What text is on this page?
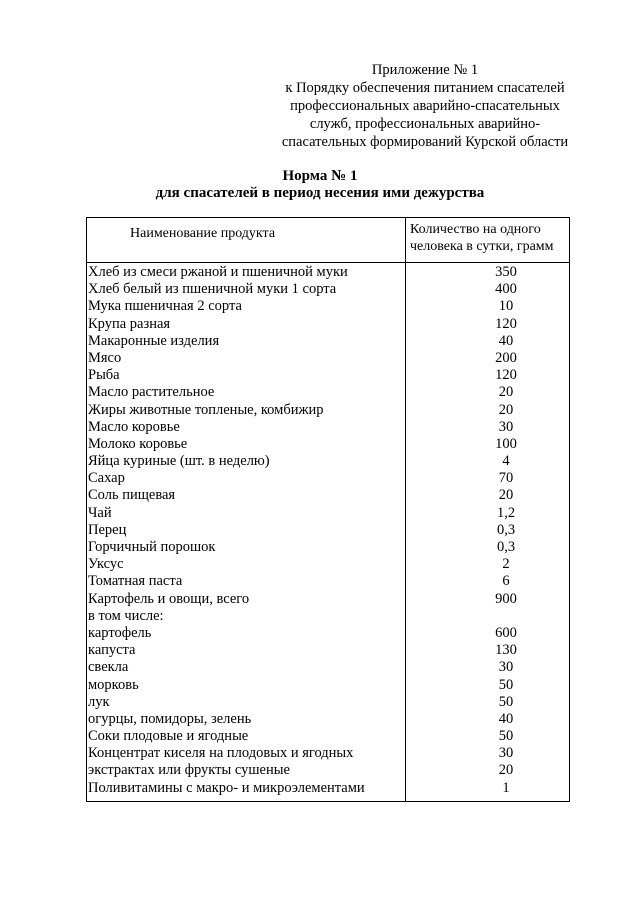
Приложение № 1
к Порядку обеспечения питанием спасателей
профессиональных аварийно-спасательных
служб, профессиональных аварийно-
спасательных формирований Курской области
Норма № 1
для спасателей в период несения ими дежурства
Наименование продукта	Количество на одного
человека в сутки, грамм
Хлеб из смеси ржаной и пшеничной муки	350
Хлеб белый из пшеничной муки 1 сорта	400
Мука пшеничная 2 сорта	10
Крупа разная	120
Макаронные изделия	40
Мясо	200
Рыба	120
Масло растительное	20
Жиры животные топленые, комбижир	20
Масло коровье	30
Молоко коровье	100
Яйца куриные (шт. в неделю)	4
Сахар	70
Соль пищевая	20
Чай	1,2
Перец	0,3
Горчичный порошок	0,3
Уксус	2
Томатная паста	6
Картофель и овощи, всего	900
в том числе:
картофель	600
капуста	130
свекла	30
морковь	50
лук	50
огурцы, помидоры, зелень	40
Соки плодовые и ягодные	50
Концентрат киселя на плодовых и ягодных	30
экстрактах или фрукты сушеные	20
Поливитамины с макро- и микроэлементами	1
